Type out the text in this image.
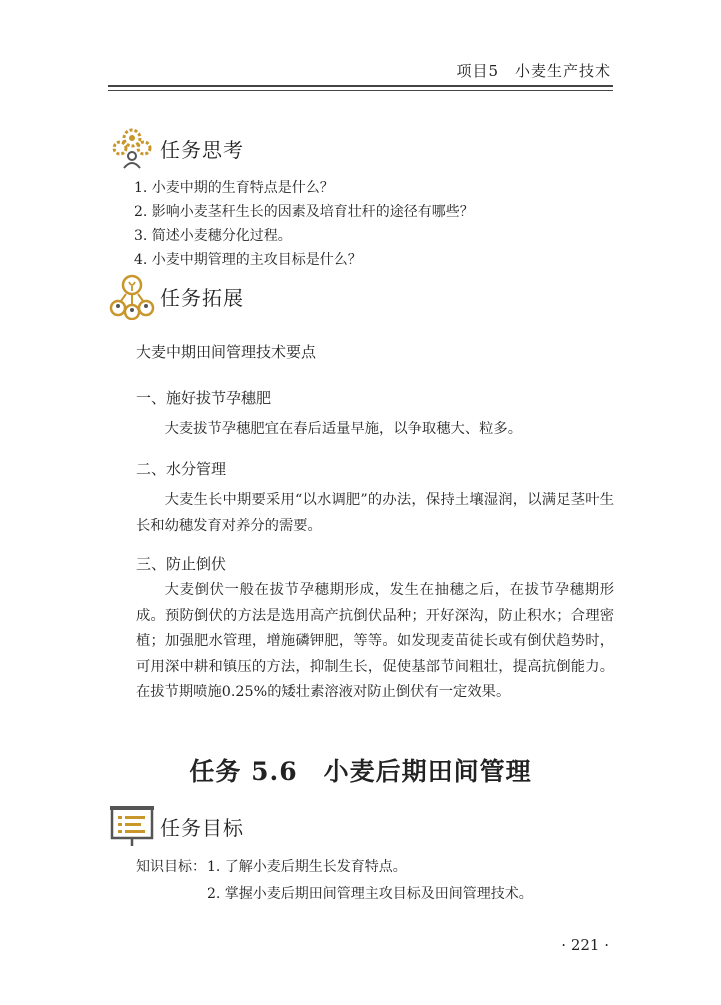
项目5　小麦生产技术
任务思考
1. 小麦中期的生育特点是什么？
2. 影响小麦茎秆生长的因素及培育壮秆的途径有哪些？
3. 简述小麦穗分化过程。
4. 小麦中期管理的主攻目标是什么？
任务拓展
大麦中期田间管理技术要点
一、施好拔节孕穗肥
大麦拔节孕穗肥宜在春后适量早施，以争取穗大、粒多。
二、水分管理
大麦生长中期要采用“以水调肥”的办法，保持土壤湿润，以满足茎叶生长和幼穗发育对养分的需要。
三、防止倒伏
大麦倒伏一般在拔节孕穗期形成，发生在抽穗之后，在拔节孕穗期形成。预防倒伏的方法是选用高产抗倒伏品种；开好深沟，防止积水；合理密植；加强肥水管理，增施磷钾肥，等等。如发现麦苗徒长或有倒伏趋势时，可用深中耕和镇压的方法，抑制生长，促使基部节间粗壮，提高抗倒能力。在拔节期喷施0.25%的矮壮素溶液对防止倒伏有一定效果。
任务 5.6　小麦后期田间管理
任务目标
知识目标： 1. 了解小麦后期生长发育特点。
2. 掌握小麦后期田间管理主攻目标及田间管理技术。
· 221 ·
